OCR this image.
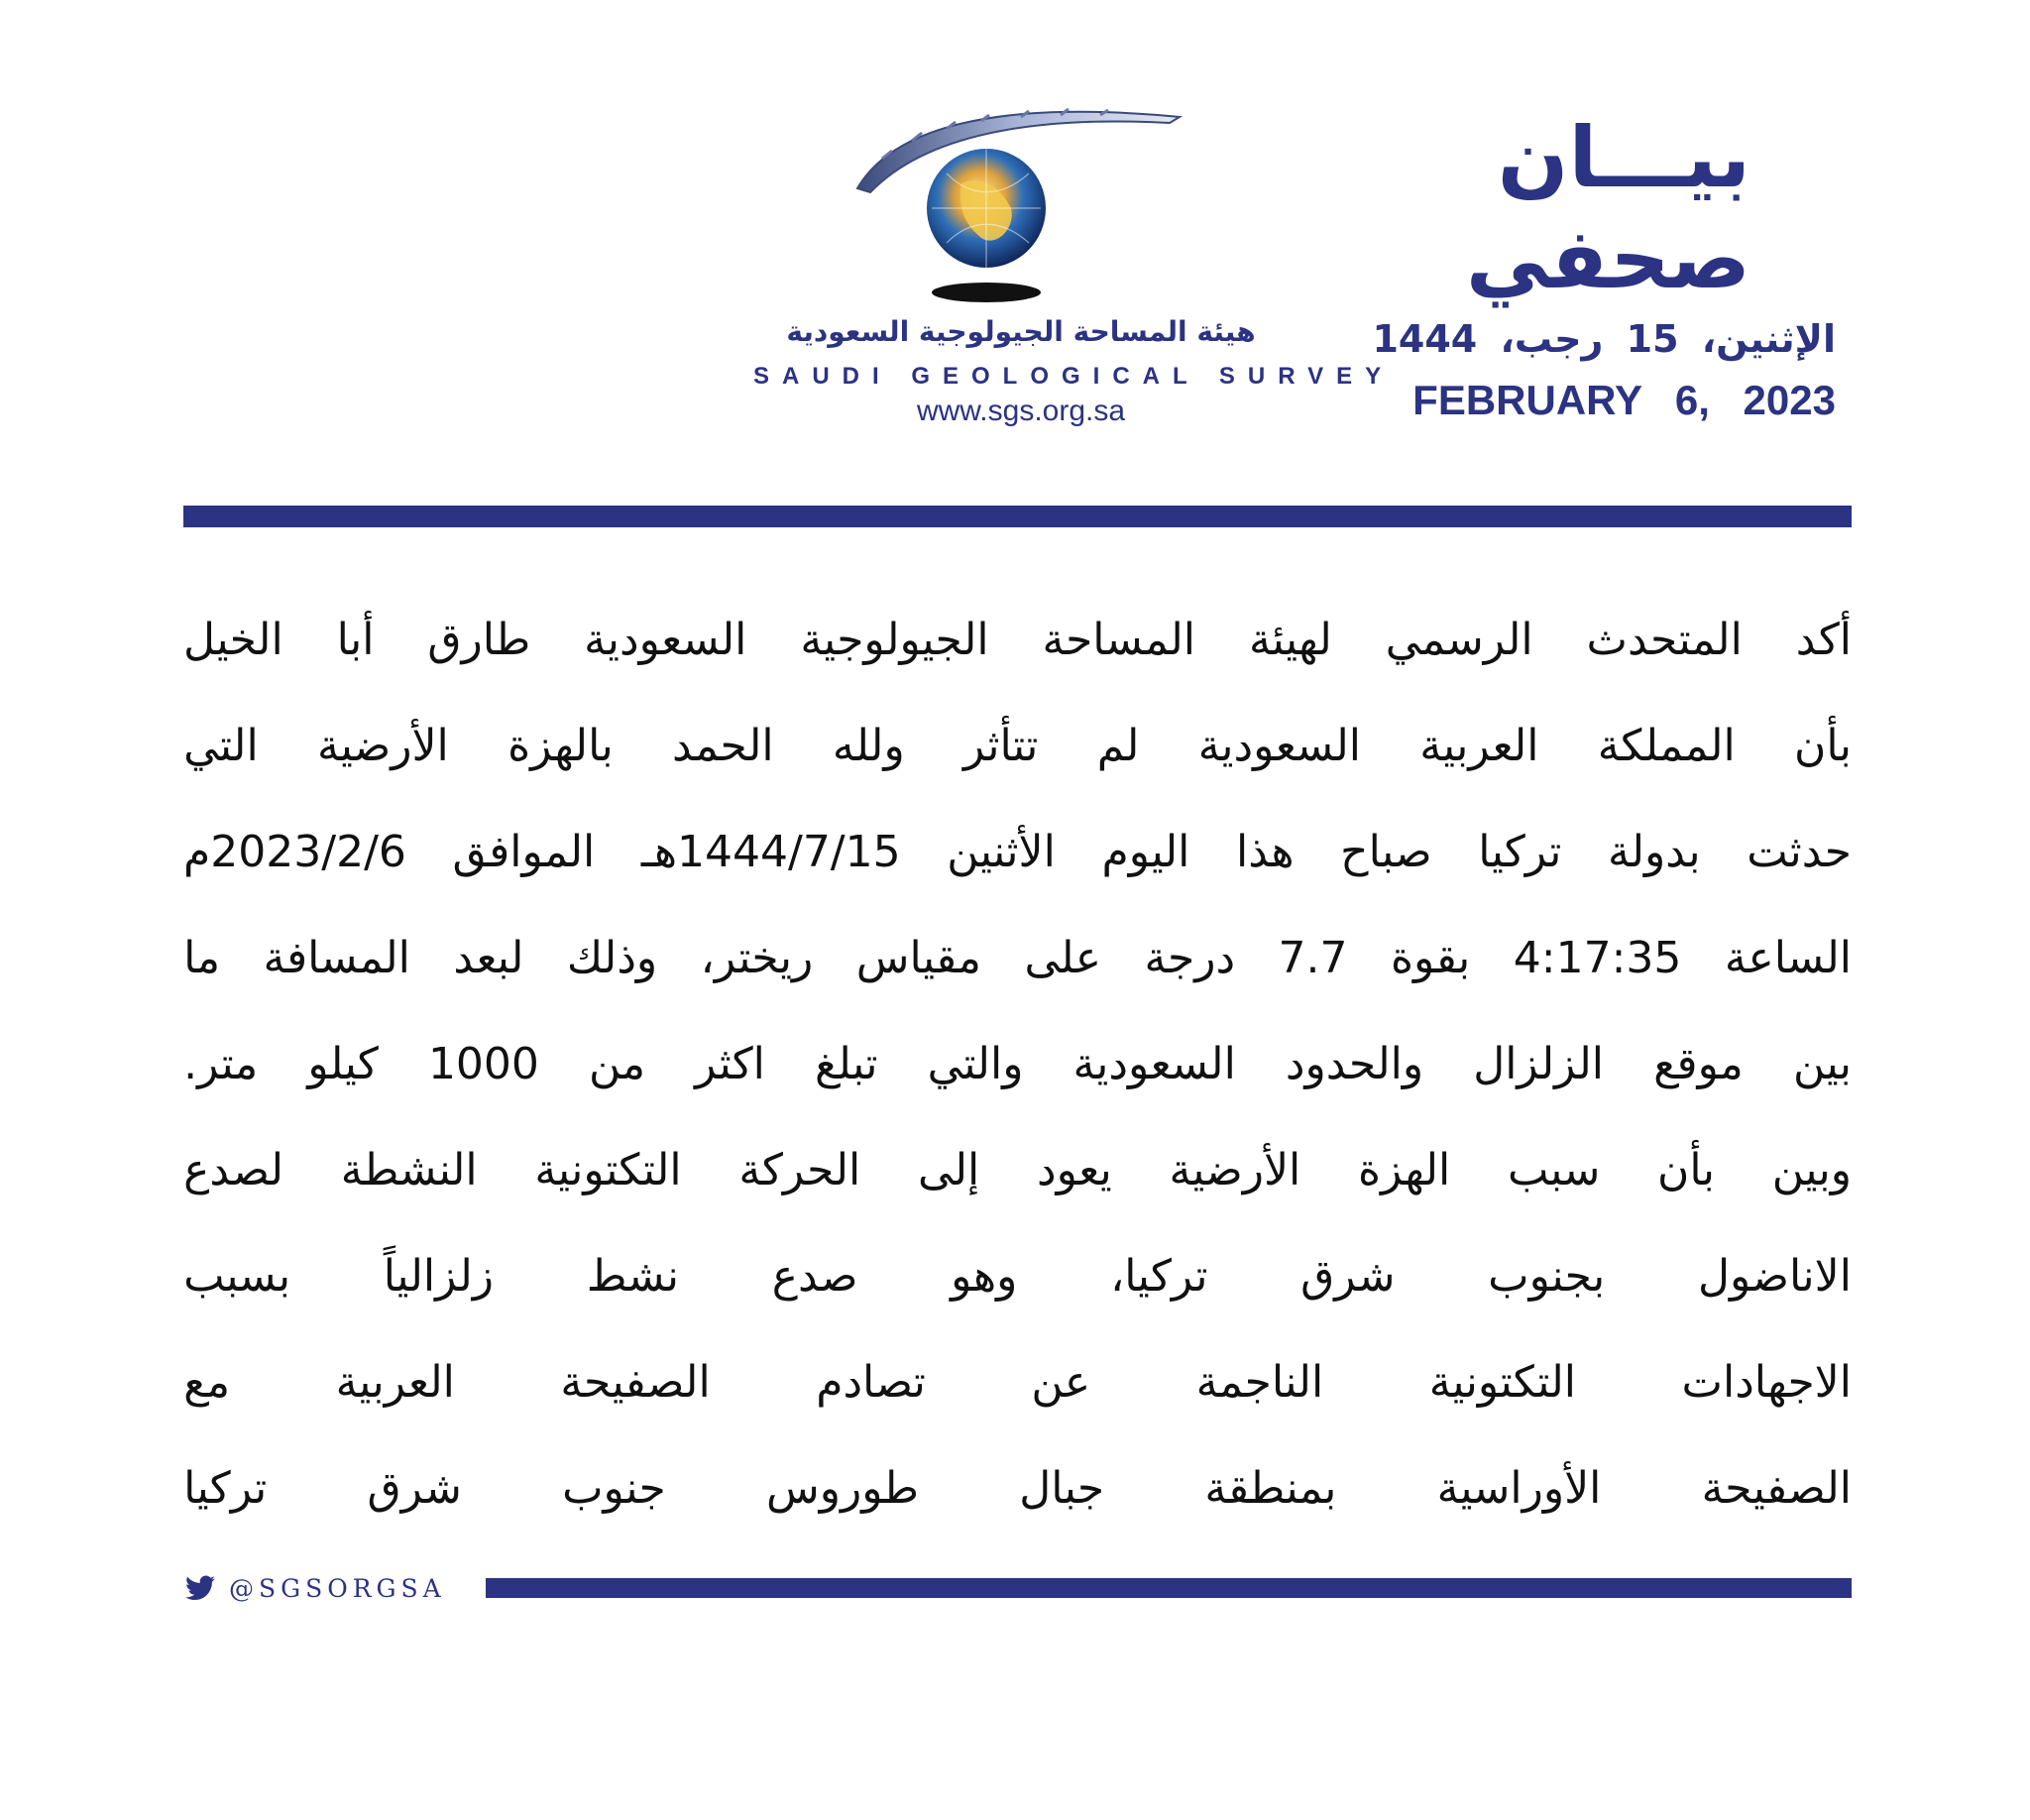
بيـــان
صحفي
الإثنين، 15 رجب، 1444
FEBRUARY 6, 2023
هيئة المساحة الجيولوجية السعودية
SAUDI GEOLOGICAL SURVEY
www.sgs.org.sa
أكد
المتحدث
الرسمي
لهيئة
المساحة
الجيولوجية
السعودية
طارق
أبا
الخيل
بأن
المملكة
العربية
السعودية
لم
تتأثر
ولله
الحمد
بالهزة
الأرضية
التي
حدثت
بدولة
تركيا
صباح
هذا
اليوم
الأثنين
1444/7/15هـ
الموافق
2023/2/6م
الساعة
4:17:35
بقوة
7.7
درجة
على
مقياس
ريختر،
وذلك
لبعد
المسافة
ما
بين
موقع
الزلزال
والحدود
السعودية
والتي
تبلغ
اكثر
من
1000
كيلو
متر.
وبين
بأن
سبب
الهزة
الأرضية
يعود
إلى
الحركة
التكتونية
النشطة
لصدع
الاناضول
بجنوب
شرق
تركيا،
وهو
صدع
نشط
زلزالياً
بسبب
الاجهادات
التكتونية
الناجمة
عن
تصادم
الصفيحة
العربية
مع
الصفيحة
الأوراسية
بمنطقة
جبال
طوروس
جنوب
شرق
تركيا
@SGSORGSA
